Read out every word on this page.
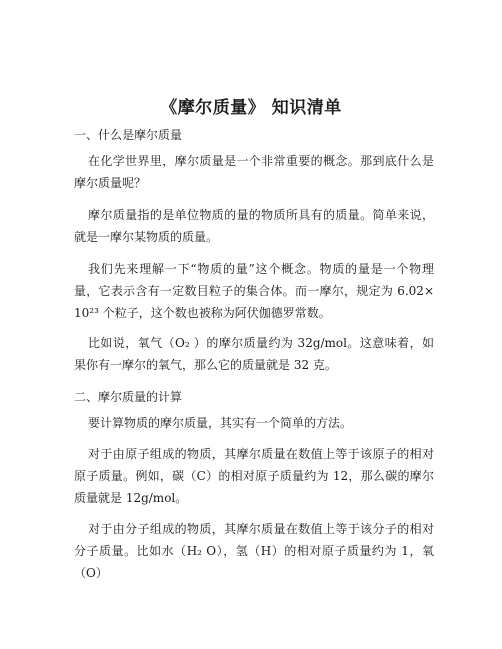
《摩尔质量》 知识清单
一、什么是摩尔质量
在化学世界里，摩尔质量是一个非常重要的概念。那到底什么是摩尔质量呢？
摩尔质量指的是单位物质的量的物质所具有的质量。简单来说，就是一摩尔某物质的质量。
我们先来理解一下“物质的量”这个概念。物质的量是一个物理量，它表示含有一定数目粒子的集合体。而一摩尔，规定为 6.02×10²³ 个粒子，这个数也被称为阿伏伽德罗常数。
比如说，氧气（O₂ ）的摩尔质量约为 32g/mol。这意味着，如果你有一摩尔的氧气，那么它的质量就是 32 克。
二、摩尔质量的计算
要计算物质的摩尔质量，其实有一个简单的方法。
对于由原子组成的物质，其摩尔质量在数值上等于该原子的相对原子质量。例如，碳（C）的相对原子质量约为 12，那么碳的摩尔质量就是 12g/mol。
对于由分子组成的物质，其摩尔质量在数值上等于该分子的相对分子质量。比如水（H₂ O），氢（H）的相对原子质量约为 1，氧（O）
